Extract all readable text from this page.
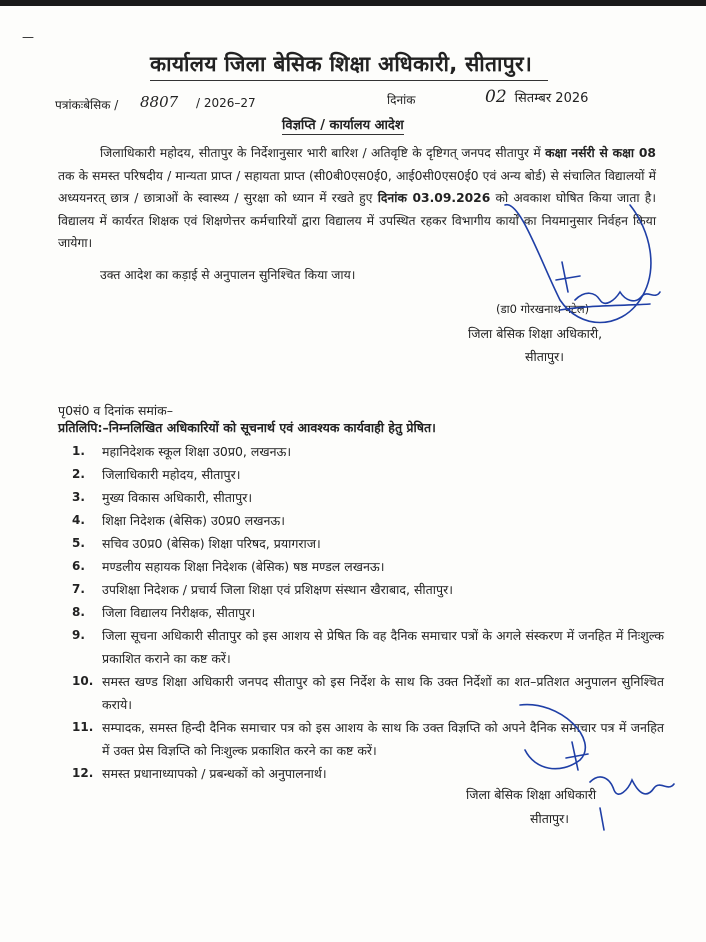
—
कार्यालय जिला बेसिक शिक्षा अधिकारी, सीतापुर।
पत्रांकःबेसिक / 8807 / 2026–27	दिनांक	02 सितम्बर 2026
विज्ञप्ति / कार्यालय आदेश
जिलाधिकारी महोदय, सीतापुर के निर्देशानुसार भारी बारिश / अतिवृष्टि के दृष्टिगत् जनपद सीतापुर में कक्षा नर्सरी से कक्षा 08 तक के समस्त परिषदीय / मान्यता प्राप्त / सहायता प्राप्त (सी0बी0एस0ई0, आई0सी0एस0ई0 एवं अन्य बोर्ड) से संचालित विद्यालयों में अध्ययनरत् छात्र / छात्राओं के स्वास्थ्य / सुरक्षा को ध्यान में रखते हुए दिनांक 03.09.2026 को अवकाश घोषित किया जाता है। विद्यालय में कार्यरत शिक्षक एवं शिक्षणेत्तर कर्मचारियों द्वारा विद्यालय में उपस्थित रहकर विभागीय कार्यों का नियमानुसार निर्वहन किया जायेगा।
उक्त आदेश का कड़ाई से अनुपालन सुनिश्चित किया जाय।
(डा0 गोरखनाथ पटेल)
जिला बेसिक शिक्षा अधिकारी,
सीतापुर।
पृ0सं0 व दिनांक समांक–
प्रतिलिपि:–निम्नलिखित अधिकारियों को सूचनार्थ एवं आवश्यक कार्यवाही हेतु प्रेषित।
1. महानिदेशक स्कूल शिक्षा उ0प्र0, लखनऊ।
2. जिलाधिकारी महोदय, सीतापुर।
3. मुख्य विकास अधिकारी, सीतापुर।
4. शिक्षा निदेशक (बेसिक) उ0प्र0 लखनऊ।
5. सचिव उ0प्र0 (बेसिक) शिक्षा परिषद, प्रयागराज।
6. मण्डलीय सहायक शिक्षा निदेशक (बेसिक) षष्ठ मण्डल लखनऊ।
7. उपशिक्षा निदेशक / प्रचार्य जिला शिक्षा एवं प्रशिक्षण संस्थान खैराबाद, सीतापुर।
8. जिला विद्यालय निरीक्षक, सीतापुर।
9. जिला सूचना अधिकारी सीतापुर को इस आशय से प्रेषित कि वह दैनिक समाचार पत्रों के अगले संस्करण में जनहित में निःशुल्क प्रकाशित कराने का कष्ट करें।
10. समस्त खण्ड शिक्षा अधिकारी जनपद सीतापुर को इस निर्देश के साथ कि उक्त निर्देशों का शत–प्रतिशत अनुपालन सुनिश्चित कराये।
11. सम्पादक, समस्त हिन्दी दैनिक समाचार पत्र को इस आशय के साथ कि उक्त विज्ञप्ति को अपने दैनिक समाचार पत्र में जनहित में उक्त प्रेस विज्ञप्ति को निःशुल्क प्रकाशित करने का कष्ट करें।
12. समस्त प्रधानाध्यापको / प्रबन्धकों को अनुपालनार्थ।
जिला बेसिक शिक्षा अधिकारी
सीतापुर।
